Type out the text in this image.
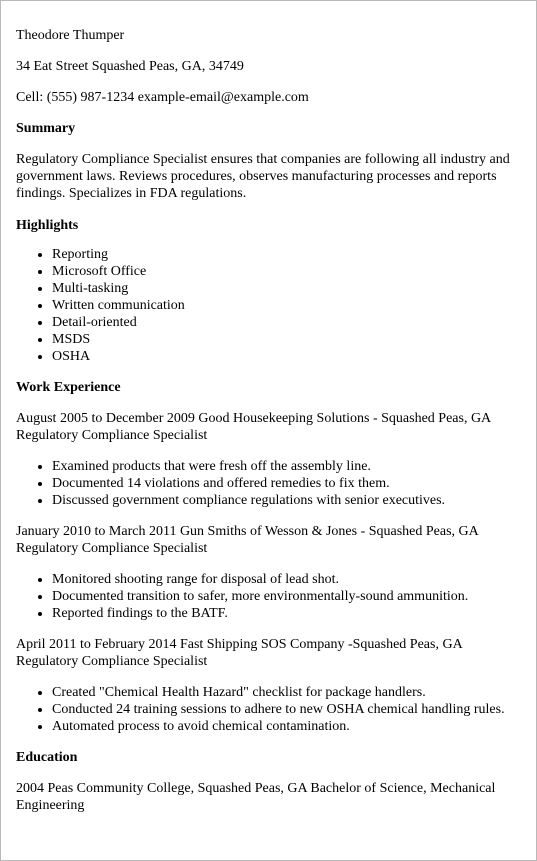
Theodore Thumper

34 Eat Street Squashed Peas, GA, 34749

Cell: (555) 987-1234 example-email@example.com

Summary

Regulatory Compliance Specialist ensures that companies are following all industry and government laws. Reviews procedures, observes manufacturing processes and reports findings. Specializes in FDA regulations.

Highlights
• Reporting
• Microsoft Office
• Multi-tasking
• Written communication
• Detail-oriented
• MSDS
• OSHA
Work Experience

August 2005 to December 2009 Good Housekeeping Solutions - Squashed Peas, GA

Regulatory Compliance Specialist

• Examined products that were fresh off the assembly line.
• Documented 14 violations and offered remedies to fix them.
• Discussed government compliance regulations with senior executives.

January 2010 to March 2011 Gun Smiths of Wesson & Jones - Squashed Peas, GA

Regulatory Compliance Specialist

• Monitored shooting range for disposal of lead shot.
• Documented transition to safer, more environmentally-sound ammunition.
• Reported findings to the BATF.

April 2011 to February 2014 Fast Shipping SOS Company -Squashed Peas, GA

Regulatory Compliance Specialist

• Created "Chemical Health Hazard" checklist for package handlers.
• Conducted 24 training sessions to adhere to new OSHA chemical handling rules.
• Automated process to avoid chemical contamination.
Education

2004 Peas Community College, Squashed Peas, GA Bachelor of Science, Mechanical Engineering
